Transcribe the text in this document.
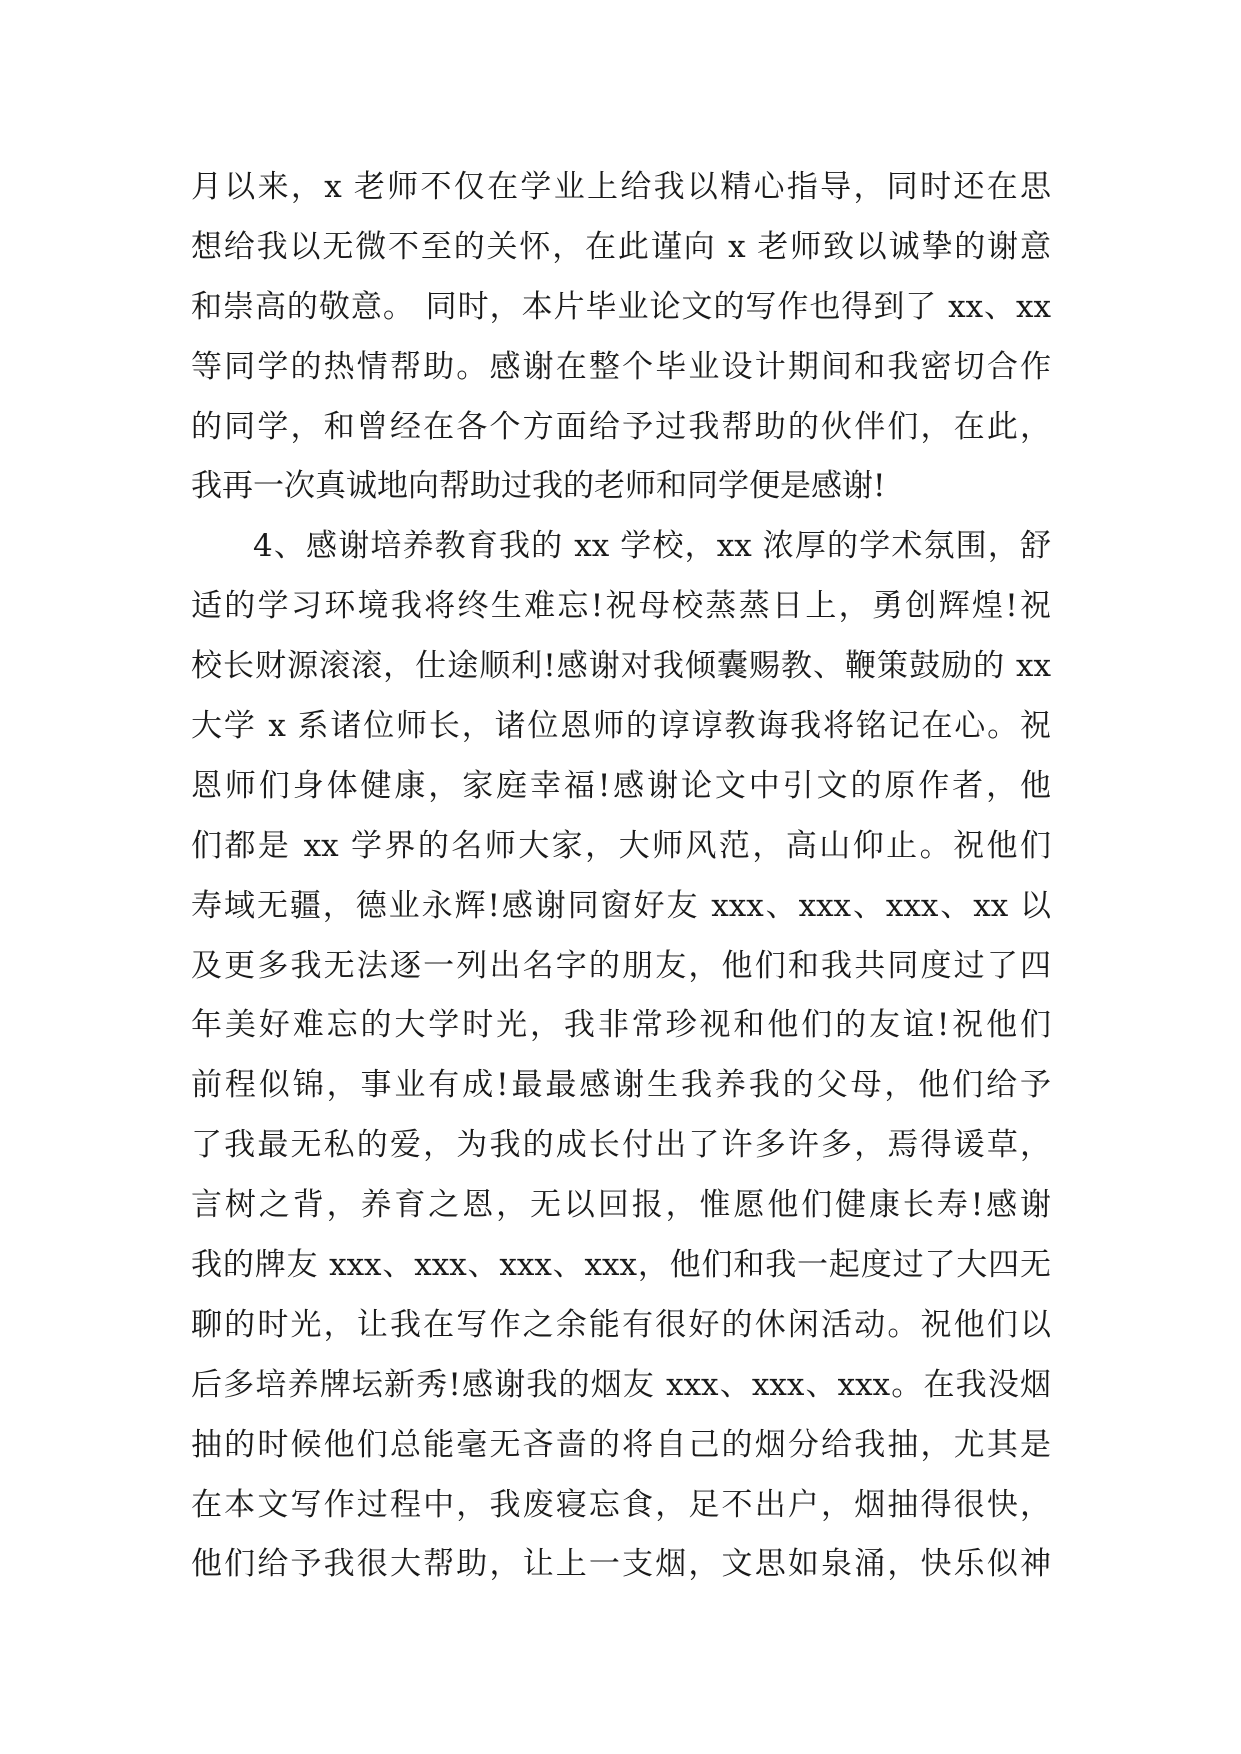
月以来，x 老师不仅在学业上给我以精心指导，同时还在思
想给我以无微不至的关怀，在此谨向 x 老师致以诚挚的谢意
和崇高的敬意。 同时，本片毕业论文的写作也得到了 xx、xx
等同学的热情帮助。感谢在整个毕业设计期间和我密切合作
的同学，和曾经在各个方面给予过我帮助的伙伴们，在此，
我再一次真诚地向帮助过我的老师和同学便是感谢!
4、感谢培养教育我的 xx 学校，xx 浓厚的学术氛围，舒
适的学习环境我将终生难忘!祝母校蒸蒸日上，勇创辉煌!祝
校长财源滚滚，仕途顺利!感谢对我倾囊赐教、鞭策鼓励的 xx
大学 x 系诸位师长，诸位恩师的谆谆教诲我将铭记在心。祝
恩师们身体健康，家庭幸福!感谢论文中引文的原作者，他
们都是 xx 学界的名师大家，大师风范，高山仰止。祝他们
寿域无疆，德业永辉!感谢同窗好友 xxx、xxx、xxx、xx 以
及更多我无法逐一列出名字的朋友，他们和我共同度过了四
年美好难忘的大学时光，我非常珍视和他们的友谊!祝他们
前程似锦，事业有成!最最感谢生我养我的父母，他们给予
了我最无私的爱，为我的成长付出了许多许多，焉得谖草，
言树之背，养育之恩，无以回报，惟愿他们健康长寿!感谢
我的牌友 xxx、xxx、xxx、xxx，他们和我一起度过了大四无
聊的时光，让我在写作之余能有很好的休闲活动。祝他们以
后多培养牌坛新秀!感谢我的烟友 xxx、xxx、xxx。在我没烟
抽的时候他们总能毫无吝啬的将自己的烟分给我抽，尤其是
在本文写作过程中，我废寝忘食，足不出户，烟抽得很快，
他们给予我很大帮助，让上一支烟，文思如泉涌，快乐似神
